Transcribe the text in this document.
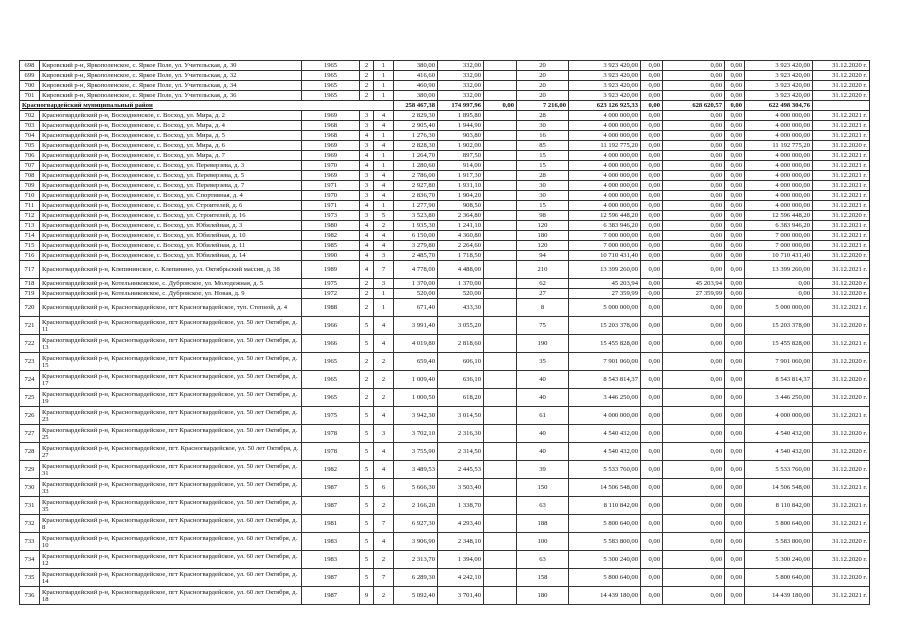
698	Кировский р-н, Яркополенское, с. Яркое Поле, ул. Учительская, д. 30	1965	2	1	380,00	332,00		20	3 923 420,00	0,00	0,00	0,00	3 923 420,00	31.12.2020 г.
699	Кировский р-н, Яркополенское, с. Яркое Поле, ул. Учительская, д. 32	1965	2	1	416,60	332,00		20	3 923 420,00	0,00	0,00	0,00	3 923 420,00	31.12.2020 г.
700	Кировский р-н, Яркополенское, с. Яркое Поле, ул. Учительская, д. 34	1965	2	1	460,90	332,00		20	3 923 420,00	0,00	0,00	0,00	3 923 420,00	31.12.2020 г.
701	Кировский р-н, Яркополенское, с. Яркое Поле, ул. Учительская, д. 36	1965	2	1	380,00	332,00		20	3 923 420,00	0,00	0,00	0,00	3 923 420,00	31.12.2020 г.
Красногвардейский муниципальный район					258 467,38	174 997,96	0,00	7 216,00	623 126 925,33	0,00	628 620,57	0,00	622 498 304,76	
702	Красногвардейский р-н, Восходненское, с. Восход, ул. Мира, д. 2	1969	3	4	2 829,30	1 895,80		28	4 000 000,00	0,00	0,00	0,00	4 000 000,00	31.12.2021 г.
703	Красногвардейский р-н, Восходненское, с. Восход, ул. Мира, д. 4	1968	3	4	2 905,40	1 944,90		30	4 000 000,00	0,00	0,00	0,00	4 000 000,00	31.12.2021 г.
704	Красногвардейский р-н, Восходненское, с. Восход, ул. Мира, д. 5	1968	4	1	1 276,30	903,80		16	4 000 000,00	0,00	0,00	0,00	4 000 000,00	31.12.2021 г.
705	Красногвардейский р-н, Восходненское, с. Восход, ул. Мира, д. 6	1969	3	4	2 828,30	1 902,00		85	11 192 775,20	0,00	0,00	0,00	11 192 775,20	31.12.2020 г.
706	Красногвардейский р-н, Восходненское, с. Восход, ул. Мира, д. 7	1969	4	1	1 264,70	897,50		15	4 000 000,00	0,00	0,00	0,00	4 000 000,00	31.12.2021 г.
707	Красногвардейский р-н, Восходненское, с. Восход, ул. Переверзева, д. 3	1970	4	1	1 280,60	914,00		15	4 000 000,00	0,00	0,00	0,00	4 000 000,00	31.12.2021 г.
708	Красногвардейский р-н, Восходненское, с. Восход, ул. Переверзева, д. 5	1969	3	4	2 786,00	1 917,30		28	4 000 000,00	0,00	0,00	0,00	4 000 000,00	31.12.2021 г.
709	Красногвардейский р-н, Восходненское, с. Восход, ул. Переверзева, д. 7	1971	3	4	2 927,80	1 931,10		30	4 000 000,00	0,00	0,00	0,00	4 000 000,00	31.12.2021 г.
710	Красногвардейский р-н, Восходненское, с. Восход, ул. Спортивная, д. 4	1970	3	4	2 836,70	1 904,20		30	4 000 000,00	0,00	0,00	0,00	4 000 000,00	31.12.2021 г.
711	Красногвардейский р-н, Восходненское, с. Восход, ул. Строителей, д. 6	1971	4	1	1 277,90	908,50		15	4 000 000,00	0,00	0,00	0,00	4 000 000,00	31.12.2021 г.
712	Красногвардейский р-н, Восходненское, с. Восход, ул. Строителей, д. 16	1973	3	5	3 523,80	2 364,80		98	12 596 448,20	0,00	0,00	0,00	12 596 448,20	31.12.2020 г.
713	Красногвардейский р-н, Восходненское, с. Восход, ул. Юбилейная, д. 3	1980	4	2	1 935,30	1 241,10		120	6 383 946,20	0,00	0,00	0,00	6 383 946,20	31.12.2021 г.
714	Красногвардейский р-н, Восходненское, с. Восход, ул. Юбилейная, д. 10	1982	4	4	6 150,00	4 360,80		180	7 000 000,00	0,00	0,00	0,00	7 000 000,00	31.12.2021 г.
715	Красногвардейский р-н, Восходненское, с. Восход, ул. Юбилейная, д. 11	1985	4	4	3 279,80	2 264,60		120	7 000 000,00	0,00	0,00	0,00	7 000 000,00	31.12.2021 г.
716	Красногвардейский р-н, Восходненское, с. Восход, ул. Юбилейная, д. 14	1990	4	3	2 485,70	1 718,50		94	10 710 431,40	0,00	0,00	0,00	10 710 431,40	31.12.2020 г.
717	Красногвардейский р-н, Клепининское, с. Клепинино, ул. Октябрьский массив, д. 38	1989	4	7	4 778,00	4 488,00		210	13 399 260,00	0,00	0,00	0,00	13 399 260,00	31.12.2021 г.
718	Красногвардейский р-н, Котельниковское, с. Дубровское, ул. Молодежная, д. 5	1975	2	3	1 370,00	1 370,00		62	45 203,94	0,00	45 203,94	0,00	0,00	31.12.2020 г.
719	Красногвардейский р-н, Котельниковское, с. Дубровское, ул. Новая, д. 9	1972	2	1	520,00	520,00		27	27 359,99	0,00	27 359,99	0,00	0,00	31.12.2020 г.
720	Красногвардейский р-н, Красногвардейское, пгт Красногвардейское, туп. Степной, д. 4	1988	2	1	671,40	433,30		8	5 000 000,00	0,00	0,00	0,00	5 000 000,00	31.12.2021 г.
721	Красногвардейский р-н, Красногвардейское, пгт Красногвардейское, ул. 50 лет Октября, д. 11	1966	5	4	3 991,40	3 055,20		75	15 203 378,00	0,00	0,00	0,00	15 203 378,00	31.12.2020 г.
722	Красногвардейский р-н, Красногвардейское, пгт Красногвардейское, ул. 50 лет Октября, д. 13	1966	5	4	4 019,80	2 818,60		190	15 455 828,00	0,00	0,00	0,00	15 455 828,00	31.12.2021 г.
723	Красногвардейский р-н, Красногвардейское, пгт Красногвардейское, ул. 50 лет Октября, д. 15	1965	2	2	659,40	606,10		35	7 901 060,00	0,00	0,00	0,00	7 901 060,00	31.12.2020 г.
724	Красногвардейский р-н, Красногвардейское, пгт Красногвардейское, ул. 50 лет Октября, д. 17	1965	2	2	1 009,40	636,10		40	8 543 814,37	0,00	0,00	0,00	8 543 814,37	31.12.2020 г.
725	Красногвардейский р-н, Красногвардейское, пгт Красногвардейское, ул. 50 лет Октября, д. 19	1965	2	2	1 000,50	618,20		40	3 446 250,00	0,00	0,00	0,00	3 446 250,00	31.12.2020 г.
726	Красногвардейский р-н, Красногвардейское, пгт Красногвардейское, ул. 50 лет Октября, д. 23	1975	5	4	3 942,30	3 014,50		61	4 000 000,00	0,00	0,00	0,00	4 000 000,00	31.12.2021 г.
727	Красногвардейский р-н, Красногвардейское, пгт Красногвардейское, ул. 50 лет Октября, д. 25	1978	5	3	3 702,10	2 316,30		40	4 540 432,00	0,00	0,00	0,00	4 540 432,00	31.12.2020 г.
728	Красногвардейский р-н, Красногвардейское, пгт. Красногвардейское, ул. 50 лет Октября, д. 27	1978	5	4	3 755,90	2 314,50		40	4 540 432,00	0,00	0,00	0,00	4 540 432,00	31.12.2020 г.
729	Красногвардейский р-н, Красногвардейское, пгт Красногвардейское, ул. 50 лет Октября, д. 31	1982	5	4	3 489,53	2 445,53		39	5 533 760,00	0,00	0,00	0,00	5 533 760,00	31.12.2020 г.
730	Красногвардейский р-н, Красногвардейское, пгт Красногвардейское, ул. 50 лет Октября, д. 33	1987	5	6	5 666,30	3 503,40		150	14 506 548,00	0,00	0,00	0,00	14 506 548,00	31.12.2021 г.
731	Красногвардейский р-н, Красногвардейское, пгт Красногвардейское, ул. 50 лет Октября, д. 35	1987	5	2	2 166,20	1 338,70		63	8 110 842,00	0,00	0,00	0,00	8 110 842,00	31.12.2021 г.
732	Красногвардейский р-н, Красногвардейское, пгт Красногвардейское, ул. 60 лет Октября, д. 8	1981	5	7	6 927,30	4 293,40		188	5 800 640,00	0,00	0,00	0,00	5 800 640,00	31.12.2021 г.
733	Красногвардейский р-н, Красногвардейское, пгт Красногвардейское, ул. 60 лет Октября, д. 10	1983	5	4	3 906,90	2 348,10		100	5 583 800,00	0,00	0,00	0,00	5 583 800,00	31.12.2020 г.
734	Красногвардейский р-н, Красногвардейское, пгт Красногвардейское, ул. 60 лет Октября, д. 12	1983	5	2	2 313,70	1 394,00		63	5 300 240,00	0,00	0,00	0,00	5 300 240,00	31.12.2020 г.
735	Красногвардейский р-н, Красногвардейское, пгт Красногвардейское, ул. 60 лет Октября, д. 14	1987	5	7	6 289,30	4 242,10		158	5 800 640,00	0,00	0,00	0,00	5 800 640,00	31.12.2020 г.
736	Красногвардейский р-н, Красногвардейское, пгт Красногвардейское, ул. 60 лет Октября, д. 18	1987	9	2	5 092,40	3 701,40		180	14 439 180,00	0,00	0,00	0,00	14 439 180,00	31.12.2021 г.
